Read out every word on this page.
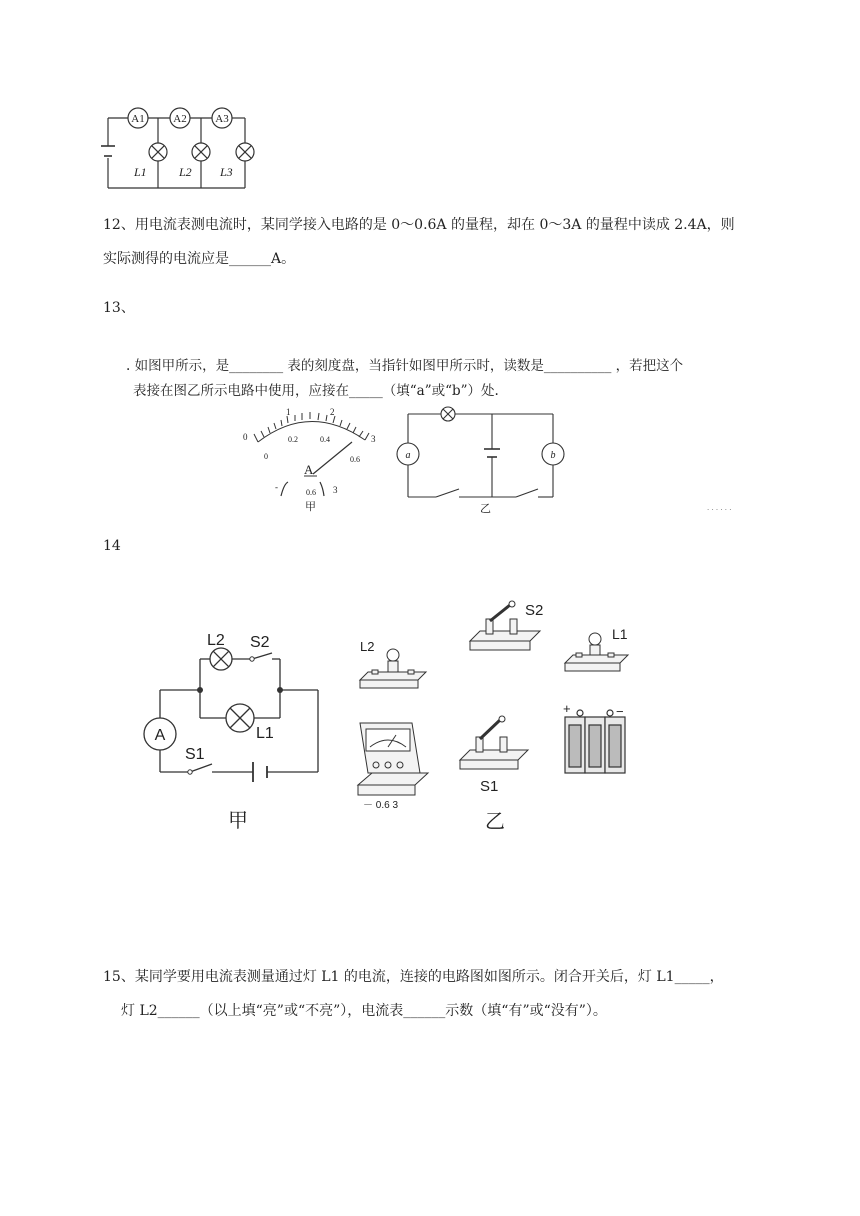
A1	A2	A3
L1	L2 L3
12、用电流表测电流时，某同学接入电路的是 0～0.6A 的量程，却在 0～3A 的量程中读成 2.4A，则
实际测得的电流应是______A。
13、
. 如图甲所示，是________ 表的刻度盘，当指针如图甲所示时，读数是__________ ，若把这个
表接在图乙所示电路中使用，应接在_____（填“a”或“b”）处.
0
1	2
3
0
0.2	0.4
0.6
A
-
0.6 3
甲
a	b
乙	· · · · · ·
14
A
L2 S2
L1
S1
甲
L2
S2
L1
－ 0.6 3
S1
+	−
乙
15、某同学要用电流表测量通过灯 L1 的电流，连接的电路图如图所示。闭合开关后，灯 L1_____，
灯 L2______（以上填“亮”或“不亮”），电流表______示数（填“有”或“没有”）。
